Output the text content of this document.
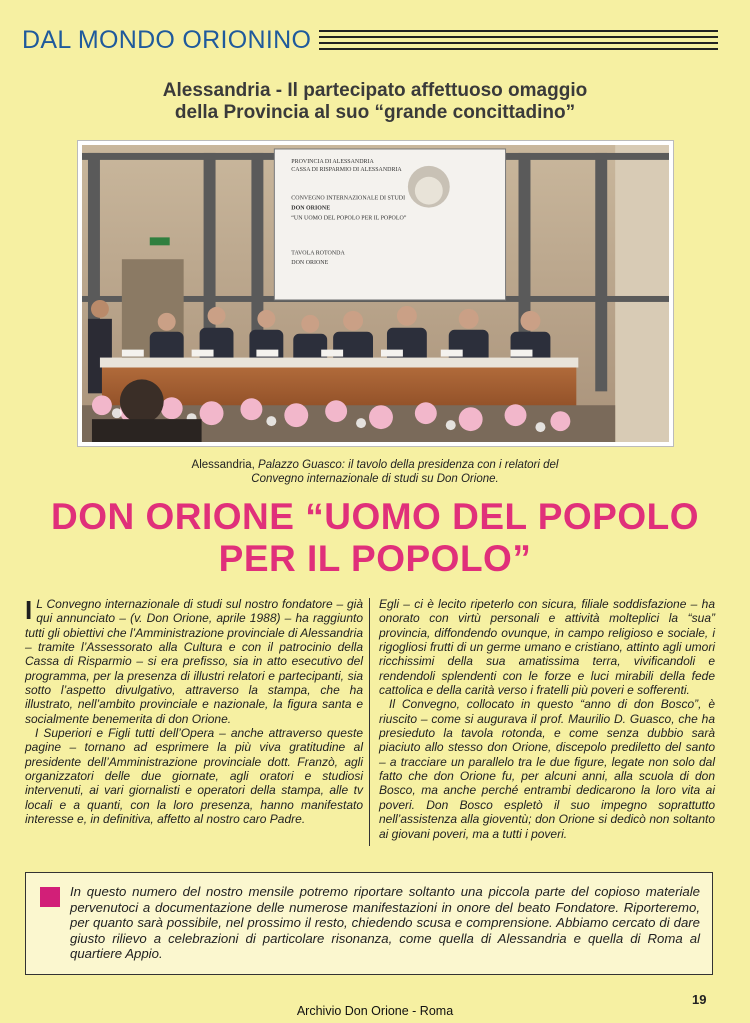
DAL MONDO ORIONINO
Alessandria - Il partecipato affettuoso omaggio
della Provincia al suo “grande concittadino”
PROVINCIA DI ALESSANDRIA
CASSA DI RISPARMIO DI ALESSANDRIA
CONVEGNO INTERNAZIONALE DI STUDI
DON ORIONE
“UN UOMO DEL POPOLO PER IL POPOLO”
TAVOLA ROTONDA
DON ORIONE
Alessandria, Palazzo Guasco: il tavolo della presidenza con i relatori del
Convegno internazionale di studi su Don Orione.
DON ORIONE “UOMO DEL POPOLO
PER IL POPOLO”

I L Convegno internazionale di studi sul nostro fondatore – già qui annunciato – (v. Don Orione, aprile 1988) – ha raggiunto tutti gli obiettivi che l’Amministrazione provinciale di Alessandria – tramite l’Assessorato alla Cultura e con il patrocinio della Cassa di Risparmio – si era prefisso, sia in atto esecutivo del programma, per la presenza di illustri relatori e partecipanti, sia sotto l’aspetto divulgativo, attraverso la stampa, che ha illustrato, nell’ambito provinciale e nazionale, la figura santa e socialmente benemerita di don Orione.

I Superiori e Figli tutti dell’Opera – anche attraverso queste pagine – tornano ad esprimere la più viva gratitudine al presidente dell’Amministrazione provinciale dott. Franzò, agli organizzatori delle due giornate, agli oratori e studiosi intervenuti, ai vari giornalisti e operatori della stampa, alle tv locali e a quanti, con la loro presenza, hanno manifestato interesse e, in definitiva, affetto al nostro caro Padre.

Egli – ci è lecito ripeterlo con sicura, filiale soddisfazione – ha onorato con virtù personali e attività molteplici la “sua” provincia, diffondendo ovunque, in campo religioso e sociale, i rigogliosi frutti di un germe umano e cristiano, attinto agli umori ricchissimi della sua amatissima terra, vivificandoli e rendendoli splendenti con le forze e luci mirabili della fede cattolica e della carità verso i fratelli più poveri e sofferenti.

Il Convegno, collocato in questo “anno di don Bosco”, è riuscito – come si augurava il prof. Maurilio D. Guasco, che ha presieduto la tavola rotonda, e come senza dubbio sarà piaciuto allo stesso don Orione, discepolo prediletto del santo – a tracciare un parallelo tra le due figure, legate non solo dal fatto che don Orione fu, per alcuni anni, alla scuola di don Bosco, ma anche perché entrambi dedicarono la loro vita ai poveri. Don Bosco espletò il suo impegno soprattutto nell’assistenza alla gioventù; don Orione si dedicò non soltanto ai giovani poveri, ma a tutti i poveri.

In questo numero del nostro mensile potremo riportare soltanto una piccola parte del copioso materiale pervenutoci a documentazione delle numerose manifestazioni in onore del beato Fondatore. Riporteremo, per quanto sarà possibile, nel prossimo il resto, chiedendo scusa e comprensione. Abbiamo cercato di dare giusto rilievo a celebrazioni di particolare risonanza, come quella di Alessandria e quella di Roma al quartiere Appio.
19
Archivio Don Orione - Roma
